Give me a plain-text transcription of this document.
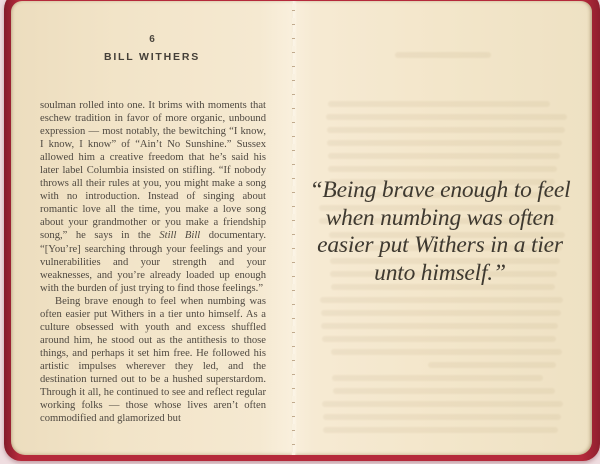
6
BILL WITHERS

soulman rolled into one. It brims with moments that eschew tradition in favor of more organic, unbound expression — most notably, the bewitching “I know, I know, I know” of “Ain’t No Sunshine.” Sussex allowed him a creative freedom that he’s said his later label Columbia insisted on stifling. “If nobody throws all their rules at you, you might make a song with no introduction. Instead of singing about romantic love all the time, you make a love song about your grandmother or you make a friendship song,” he says in the Still Bill documentary. “[You’re] searching through your feelings and your vulnerabilities and your strength and your weaknesses, and you’re already loaded up enough with the burden of just trying to find those feelings.”

Being brave enough to feel when numbing was often easier put Withers in a tier unto himself. As a culture obsessed with youth and excess shuffled around him, he stood out as the antithesis to those things, and perhaps it set him free. He followed his artistic impulses wherever they led, and the destination turned out to be a hushed superstardom. Through it all, he continued to see and reflect regular working folks — those whose lives aren’t often commodified and glamorized but

“Being brave enough to feel when numbing was often easier put Withers in a tier unto himself.”
